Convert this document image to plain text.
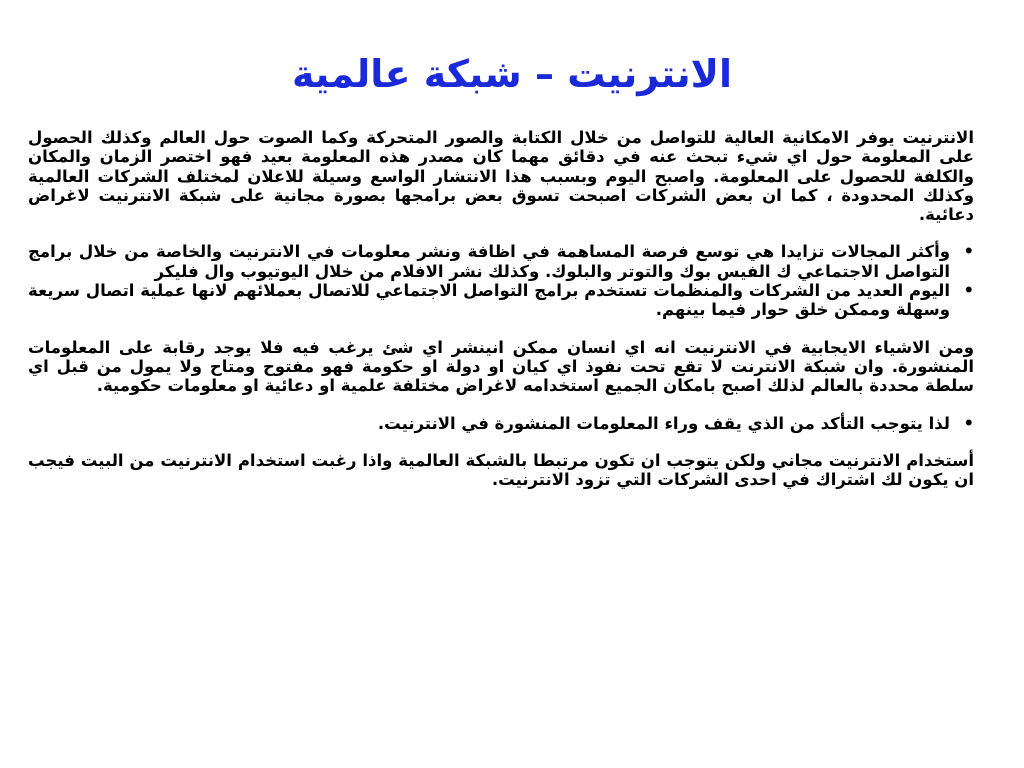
الانترنيت – شبكة عالمية

الانترنيت يوفر الامكانية العالية للتواصل من خلال الكتابة والصور المتحركة وكما الصوت حول العالم وكذلك الحصول على المعلومة حول اي شيء تبحث عنه في دقائق مهما كان مصدر هذه المعلومة بعيد فهو اختصر الزمان والمكان والكلفة للحصول على المعلومة. واصبح اليوم وبسبب هذا الانتشار الواسع وسيلة للاعلان لمختلف الشركات العالمية وكذلك المحدودة ، كما ان بعض الشركات اصبحت تسوق بعض برامجها بصورة مجانية على شبكة الانترنيت لاغراض دعائية.

•
وأكثر المجالات تزايدا هي توسع فرصة المساهمة في اظافة ونشر معلومات في الانترنيت والخاصة من خلال برامج التواصل الاجتماعي ك الفيس بوك والتوتر والبلوك. وكذلك نشر الافلام من خلال اليوتيوب وال فليكر
•
اليوم العديد من الشركات والمنظمات تستخدم برامج التواصل الاجتماعي للاتصال بعملائهم لانها عملية اتصال سريعة وسهلة وممكن خلق حوار فيما بينهم.

ومن الاشياء الايجابية في الانترنيت انه اي انسان ممكن انينشر اي شئ يرغب فيه فلا يوجد رقابة على المعلومات المنشورة. وان شبكة الانترنت لا تقع تحت نفوذ اي كيان او دولة او حكومة فهو مفتوح ومتاح ولا يمول من قبل اي سلطة محددة بالعالم لذلك اصبح بامكان الجميع استخدامه لاغراض مختلفة علمية او دعائية او معلومات حكومية.

•
لذا يتوجب التأكد من الذي يقف وراء المعلومات المنشورة في الانترنيت.

أستخدام الانترنيت مجاني ولكن يتوجب ان تكون مرتبطا بالشبكة العالمية واذا رغبت استخدام الانترنيت من البيت فيجب ان يكون لك اشتراك في احدى الشركات التي تزود الانترنيت.
